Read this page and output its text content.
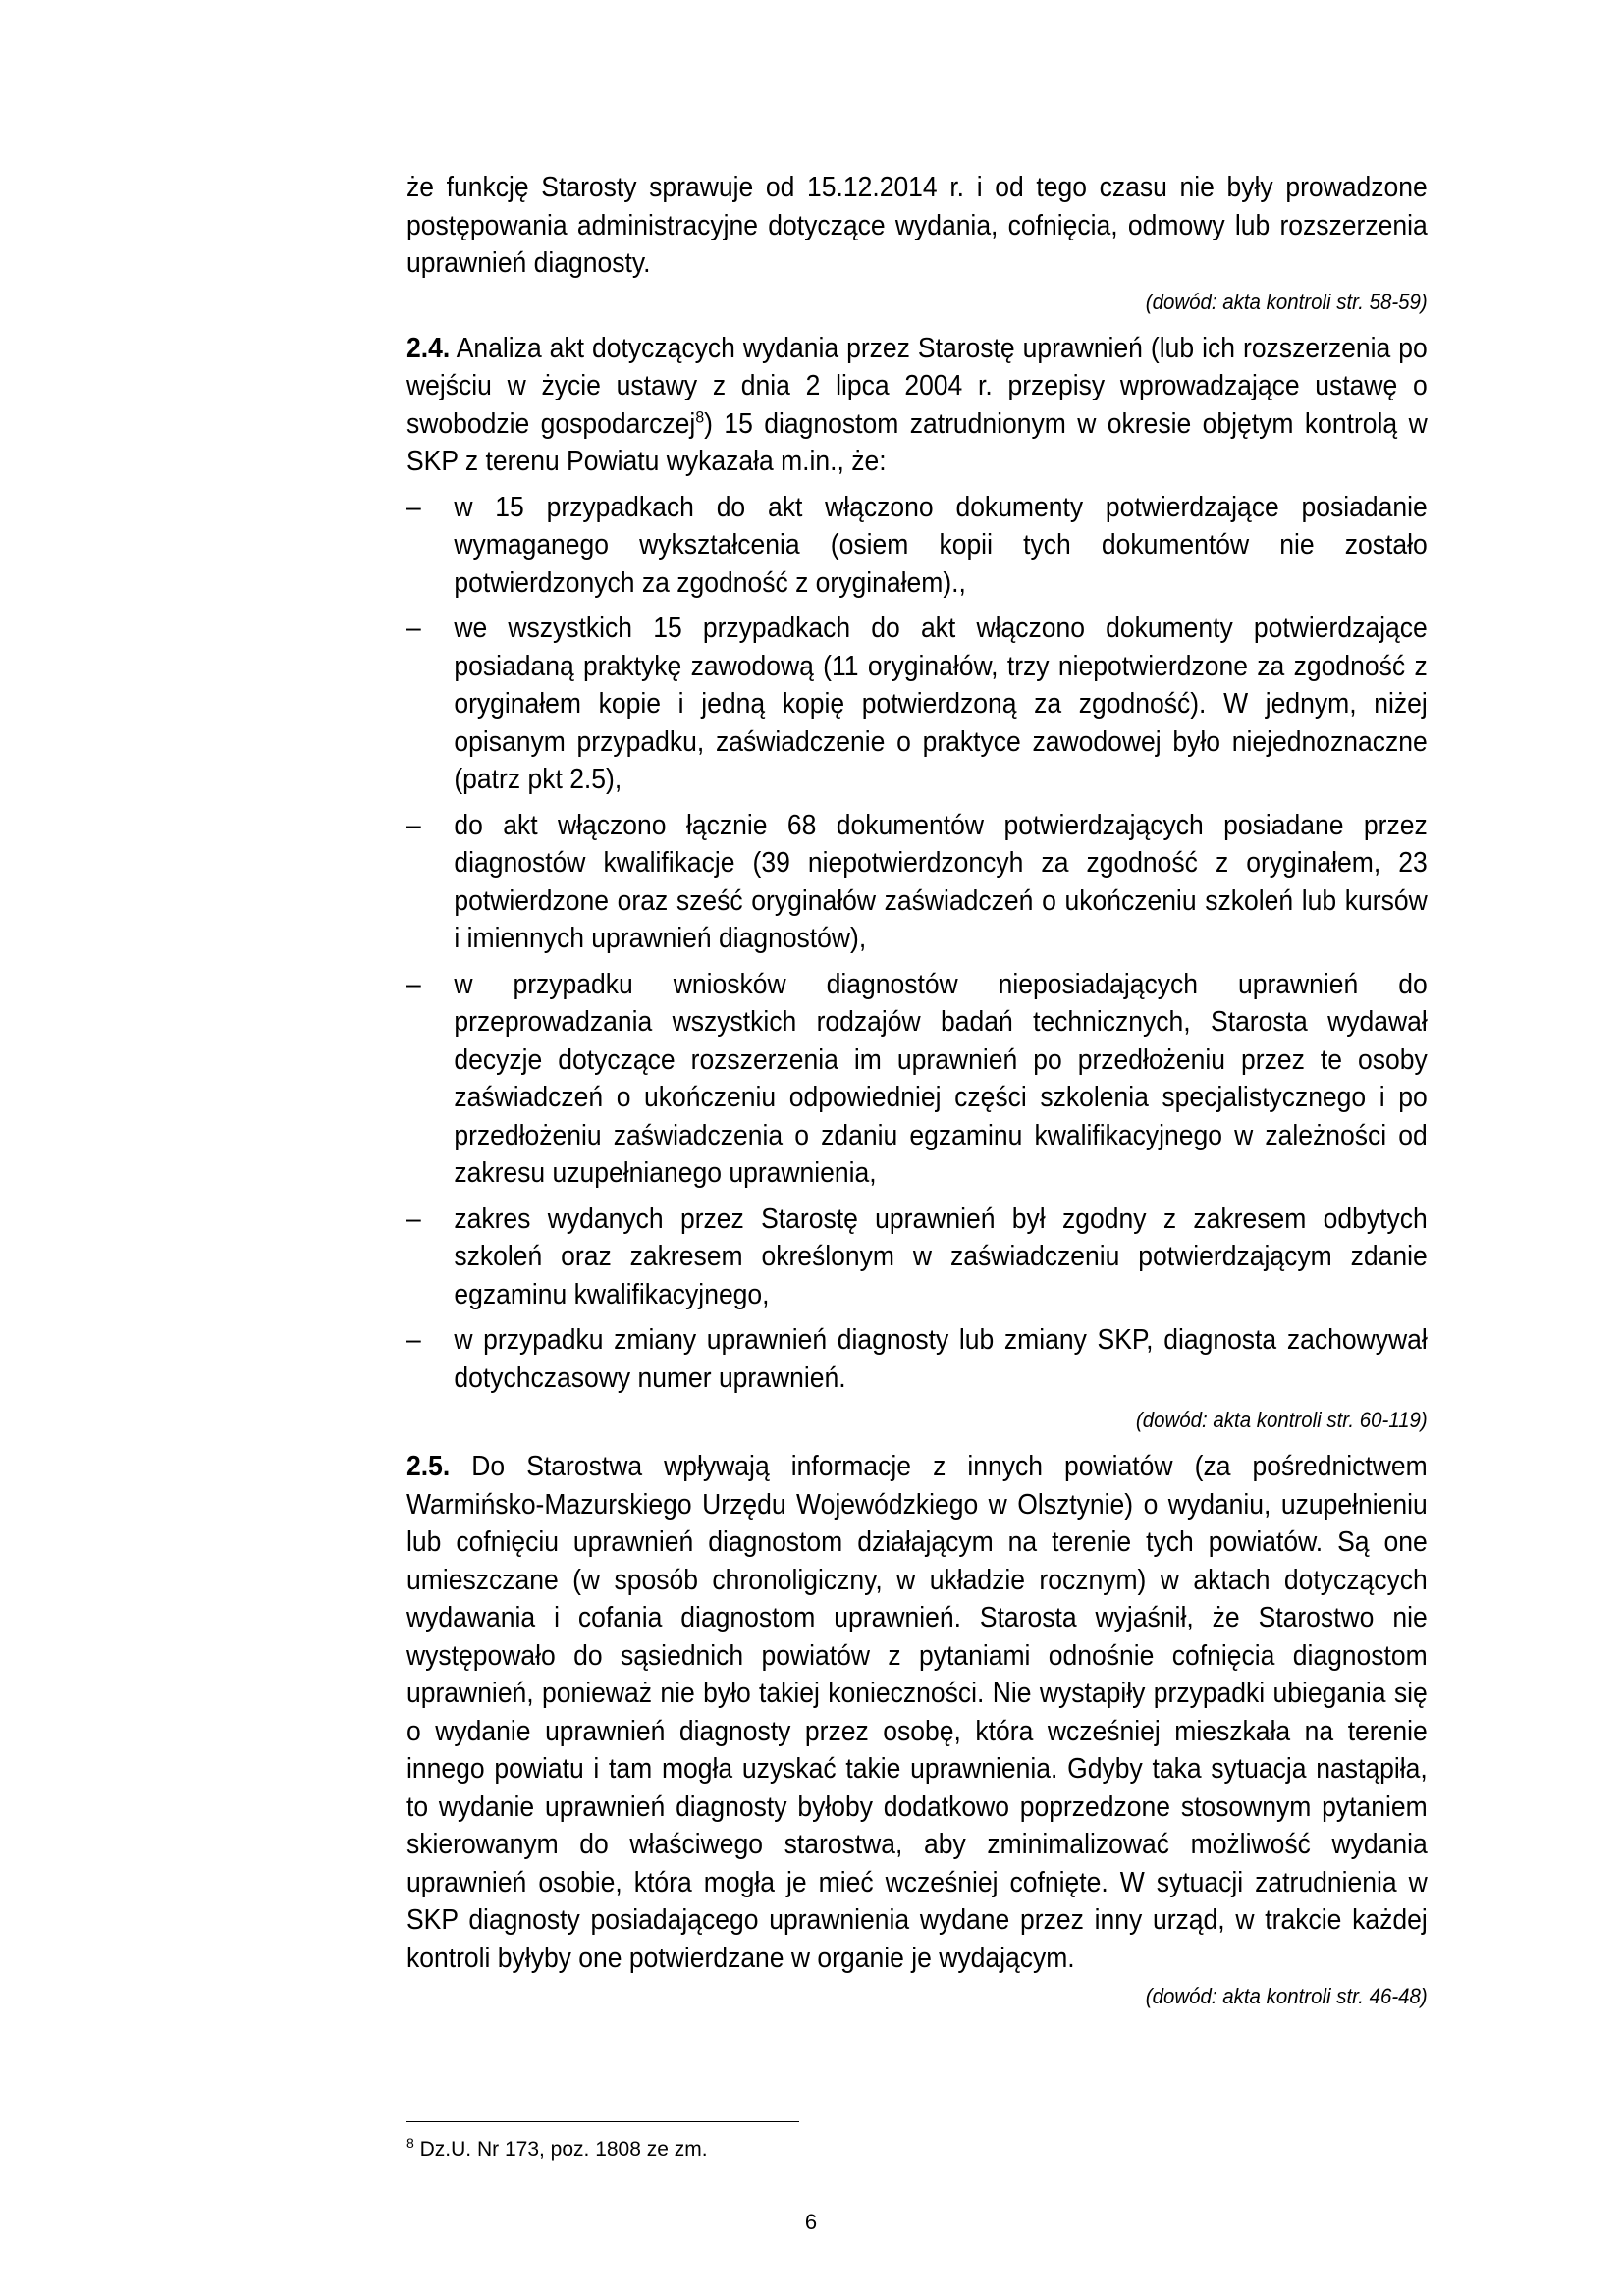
że funkcję Starosty sprawuje od 15.12.2014 r. i od tego czasu nie były prowadzone postępowania administracyjne dotyczące wydania, cofnięcia, odmowy lub rozszerzenia uprawnień diagnosty.

(dowód: akta kontroli str. 58-59)

2.4. Analiza akt dotyczących wydania przez Starostę uprawnień (lub ich rozszerzenia po wejściu w życie ustawy z dnia 2 lipca 2004 r. przepisy wprowadzające ustawę o swobodzie gospodarczej$^8$) 15 diagnostom zatrudnionym w okresie objętym kontrolą w SKP z terenu Powiatu wykazała m.in., że:

– w 15 przypadkach do akt włączono dokumenty potwierdzające posiadanie wymaganego wykształcenia (osiem kopii tych dokumentów nie zostało potwierdzonych za zgodność z oryginałem).,
– we wszystkich 15 przypadkach do akt włączono dokumenty potwierdzające posiadaną praktykę zawodową (11 oryginałów, trzy niepotwierdzone za zgodność z oryginałem kopie i jedną kopię potwierdzoną za zgodność). W jednym, niżej opisanym przypadku, zaświadczenie o praktyce zawodowej było niejednoznaczne (patrz pkt 2.5),
– do akt włączono łącznie 68 dokumentów potwierdzających posiadane przez diagnostów kwalifikacje (39 niepotwierdzoncyh za zgodność z oryginałem, 23 potwierdzone oraz sześć oryginałów zaświadczeń o ukończeniu szkoleń lub kursów i imiennych uprawnień diagnostów),
– w przypadku wniosków diagnostów nieposiadających uprawnień do przeprowadzania wszystkich rodzajów badań technicznych, Starosta wydawał decyzje dotyczące rozszerzenia im uprawnień po przedłożeniu przez te osoby zaświadczeń o ukończeniu odpowiedniej części szkolenia specjalistycznego i po przedłożeniu zaświadczenia o zdaniu egzaminu kwalifikacyjnego w zależności od zakresu uzupełnianego uprawnienia,
– zakres wydanych przez Starostę uprawnień był zgodny z zakresem odbytych szkoleń oraz zakresem określonym w zaświadczeniu potwierdzającym zdanie egzaminu kwalifikacyjnego,
– w przypadku zmiany uprawnień diagnosty lub zmiany SKP, diagnosta zachowywał dotychczasowy numer uprawnień.

(dowód: akta kontroli str. 60-119)

2.5. Do Starostwa wpływają informacje z innych powiatów (za pośrednictwem Warmińsko-Mazurskiego Urzędu Wojewódzkiego w Olsztynie) o wydaniu, uzupełnieniu lub cofnięciu uprawnień diagnostom działającym na terenie tych powiatów. Są one umieszczane (w sposób chronoligiczny, w układzie rocznym) w aktach dotyczących wydawania i cofania diagnostom uprawnień. Starosta wyjaśnił, że Starostwo nie występowało do sąsiednich powiatów z pytaniami odnośnie cofnięcia diagnostom uprawnień, ponieważ nie było takiej konieczności. Nie wystapiły przypadki ubiegania się o wydanie uprawnień diagnosty przez osobę, która wcześniej mieszkała na terenie innego powiatu i tam mogła uzyskać takie uprawnienia. Gdyby taka sytuacja nastąpiła, to wydanie uprawnień diagnosty byłoby dodatkowo poprzedzone stosownym pytaniem skierowanym do właściwego starostwa, aby zminimalizować możliwość wydania uprawnień osobie, która mogła je mieć wcześniej cofnięte. W sytuacji zatrudnienia w SKP diagnosty posiadającego uprawnienia wydane przez inny urząd, w trakcie każdej kontroli byłyby one potwierdzane w organie je wydającym.

(dowód: akta kontroli str. 46-48)

$^8$ Dz.U. Nr 173, poz. 1808 ze zm.
6
